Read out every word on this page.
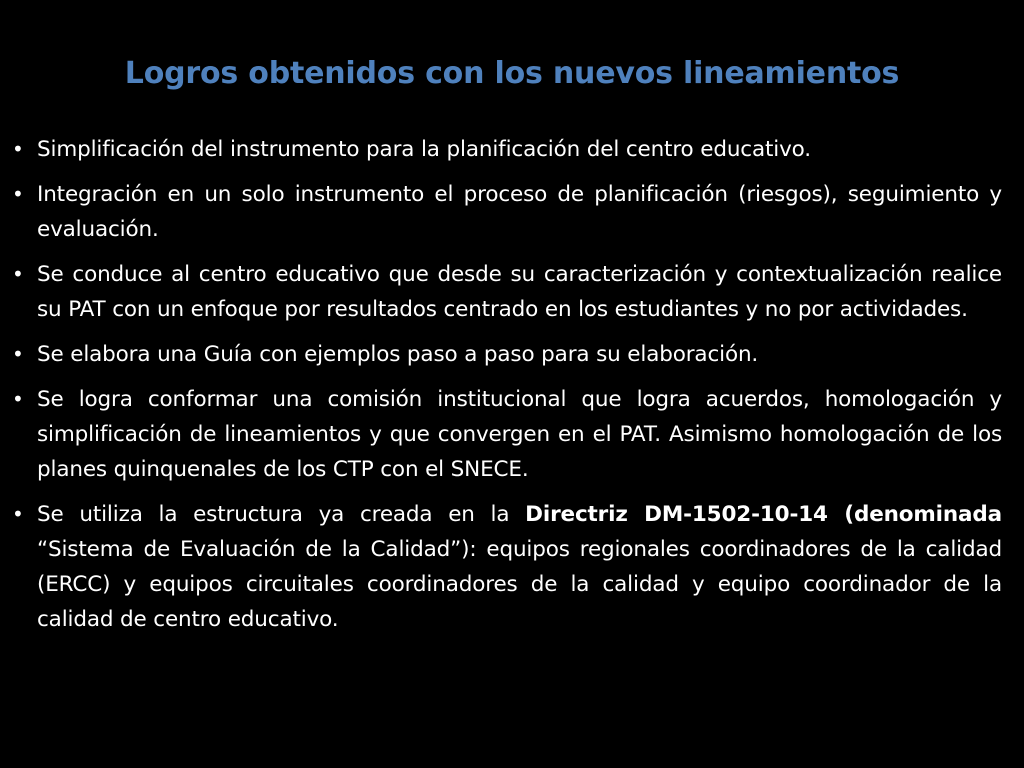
Logros obtenidos con los nuevos lineamientos
• Simplificación del instrumento para la planificación del centro educativo.
• Integración en un solo instrumento el proceso de planificación (riesgos), seguimiento y evaluación.
• Se conduce al centro educativo que desde su caracterización y contextualización realice su PAT con un enfoque por resultados centrado en los estudiantes y no por actividades.
• Se elabora una Guía con ejemplos paso a paso para su elaboración.
• Se logra conformar una comisión institucional que logra acuerdos, homologación y simplificación de lineamientos y que convergen en el PAT. Asimismo homologación de los planes quinquenales de los CTP con el SNECE.
• Se utiliza la estructura ya creada en la Directriz DM-1502-10-14 (denominada “Sistema de Evaluación de la Calidad”): equipos regionales coordinadores de la calidad (ERCC) y equipos circuitales coordinadores de la calidad y equipo coordinador de la calidad de centro educativo.
